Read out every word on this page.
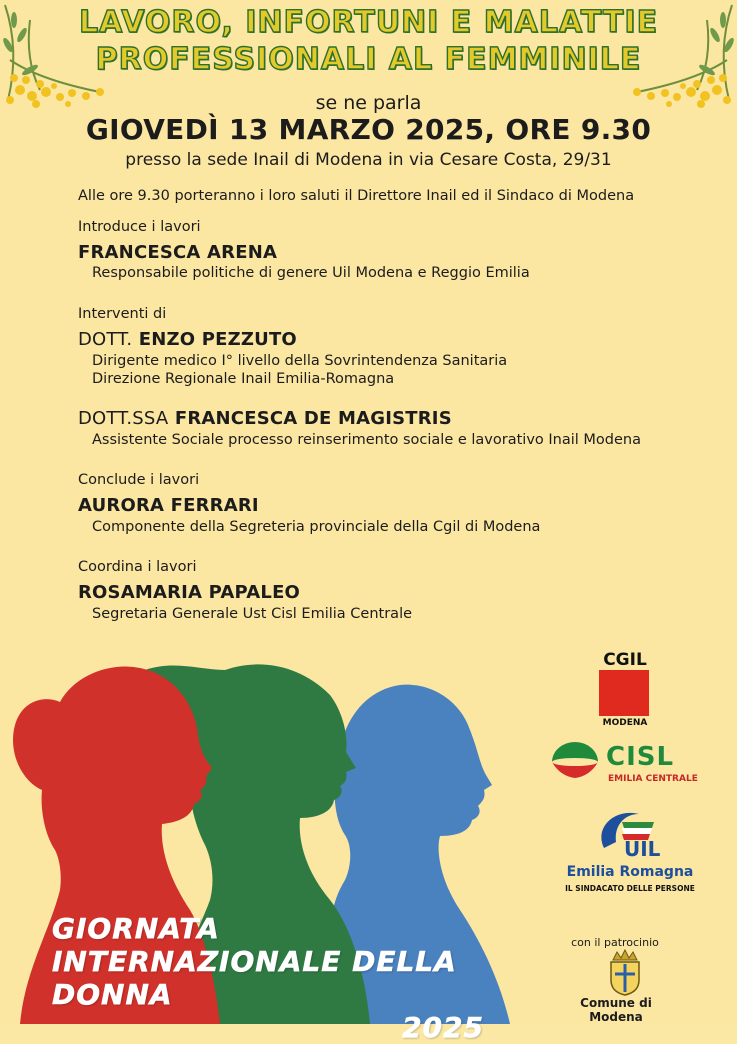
LAVORO, INFORTUNI E MALATTIE
PROFESSIONALI AL FEMMINILE
se ne parla
GIOVEDÌ 13 MARZO 2025, ORE 9.30
presso la sede Inail di Modena in via Cesare Costa, 29/31
Alle ore 9.30 porteranno i loro saluti il Direttore Inail ed il Sindaco di Modena
Introduce i lavori
FRANCESCA ARENA
Responsabile politiche di genere Uil Modena e Reggio Emilia
Interventi di
DOTT. ENZO PEZZUTO
Dirigente medico I° livello della Sovrintendenza Sanitaria
Direzione Regionale Inail Emilia-Romagna
DOTT.SSA FRANCESCA DE MAGISTRIS
Assistente Sociale processo reinserimento sociale e lavorativo Inail Modena
Conclude i lavori
AURORA FERRARI
Componente della Segreteria provinciale della Cgil di Modena
Coordina i lavori
ROSAMARIA PAPALEO
Segretaria Generale Ust Cisl Emilia Centrale
GIORNATA
INTERNAZIONALE DELLA DONNA
2025
CGIL
MODENA
CISL
EMILIA CENTRALE
UIL
Emilia Romagna
IL SINDACATO DELLE PERSONE
con il patrocinio
Comune di Modena
